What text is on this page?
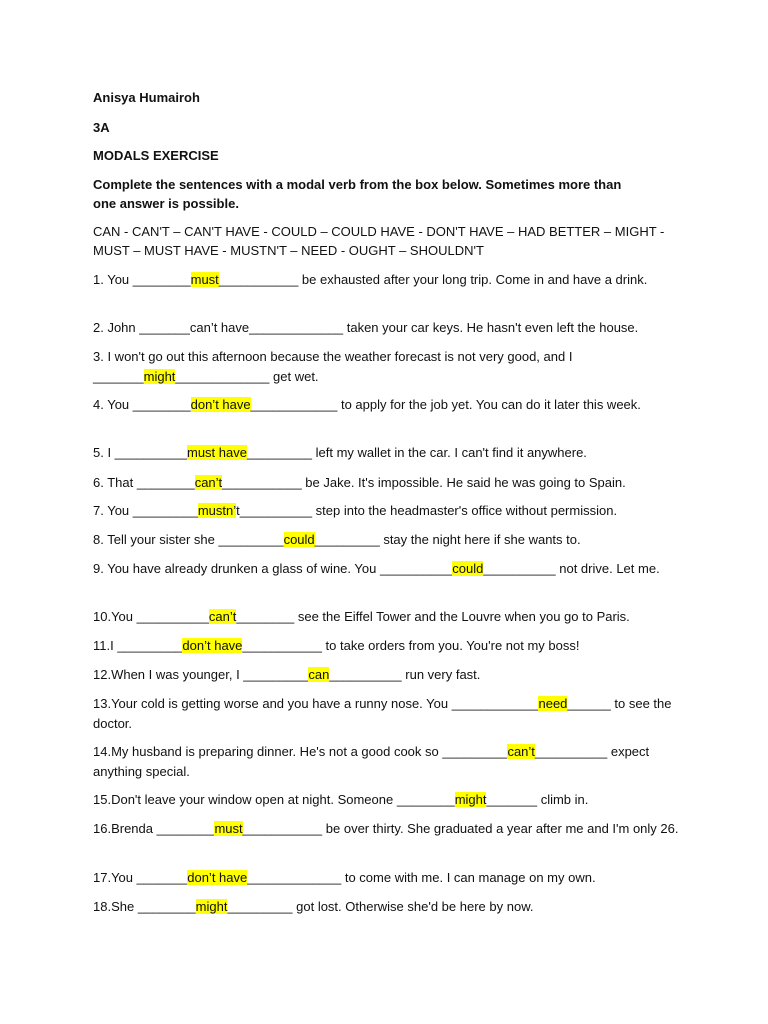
Anisya Humairoh
3A
MODALS EXERCISE
Complete the sentences with a modal verb from the box below. Sometimes more than
one answer is possible.
CAN - CAN'T – CAN'T HAVE - COULD – COULD HAVE - DON'T HAVE – HAD BETTER – MIGHT -
MUST – MUST HAVE - MUSTN'T – NEED - OUGHT – SHOULDN'T
1. You ________must___________ be exhausted after your long trip. Come in and have a drink.
2. John _______can’t have_____________ taken your car keys. He hasn't even left the house.
3. I won't go out this afternoon because the weather forecast is not very good, and I _______might_____________ get wet.
4. You ________don’t have____________ to apply for the job yet. You can do it later this week.
5. I __________must have_________ left my wallet in the car. I can't find it anywhere.
6. That ________can’t___________ be Jake. It's impossible. He said he was going to Spain.
7. You _________mustn’t__________ step into the headmaster's office without permission.
8. Tell your sister she _________could_________ stay the night here if she wants to.
9. You have already drunken a glass of wine. You __________could__________ not drive. Let me.
10.You __________can’t________ see the Eiffel Tower and the Louvre when you go to Paris.
11.I _________don’t have___________ to take orders from you. You're not my boss!
12.When I was younger, I _________can__________ run very fast.
13.Your cold is getting worse and you have a runny nose. You ____________need______ to see the doctor.
14.My husband is preparing dinner. He's not a good cook so _________can’t__________ expect anything special.
15.Don't leave your window open at night. Someone ________might_______ climb in.
16.Brenda ________must___________ be over thirty. She graduated a year after me and I'm only 26.
17.You _______don’t have_____________ to come with me. I can manage on my own.
18.She ________might_________ got lost. Otherwise she'd be here by now.
